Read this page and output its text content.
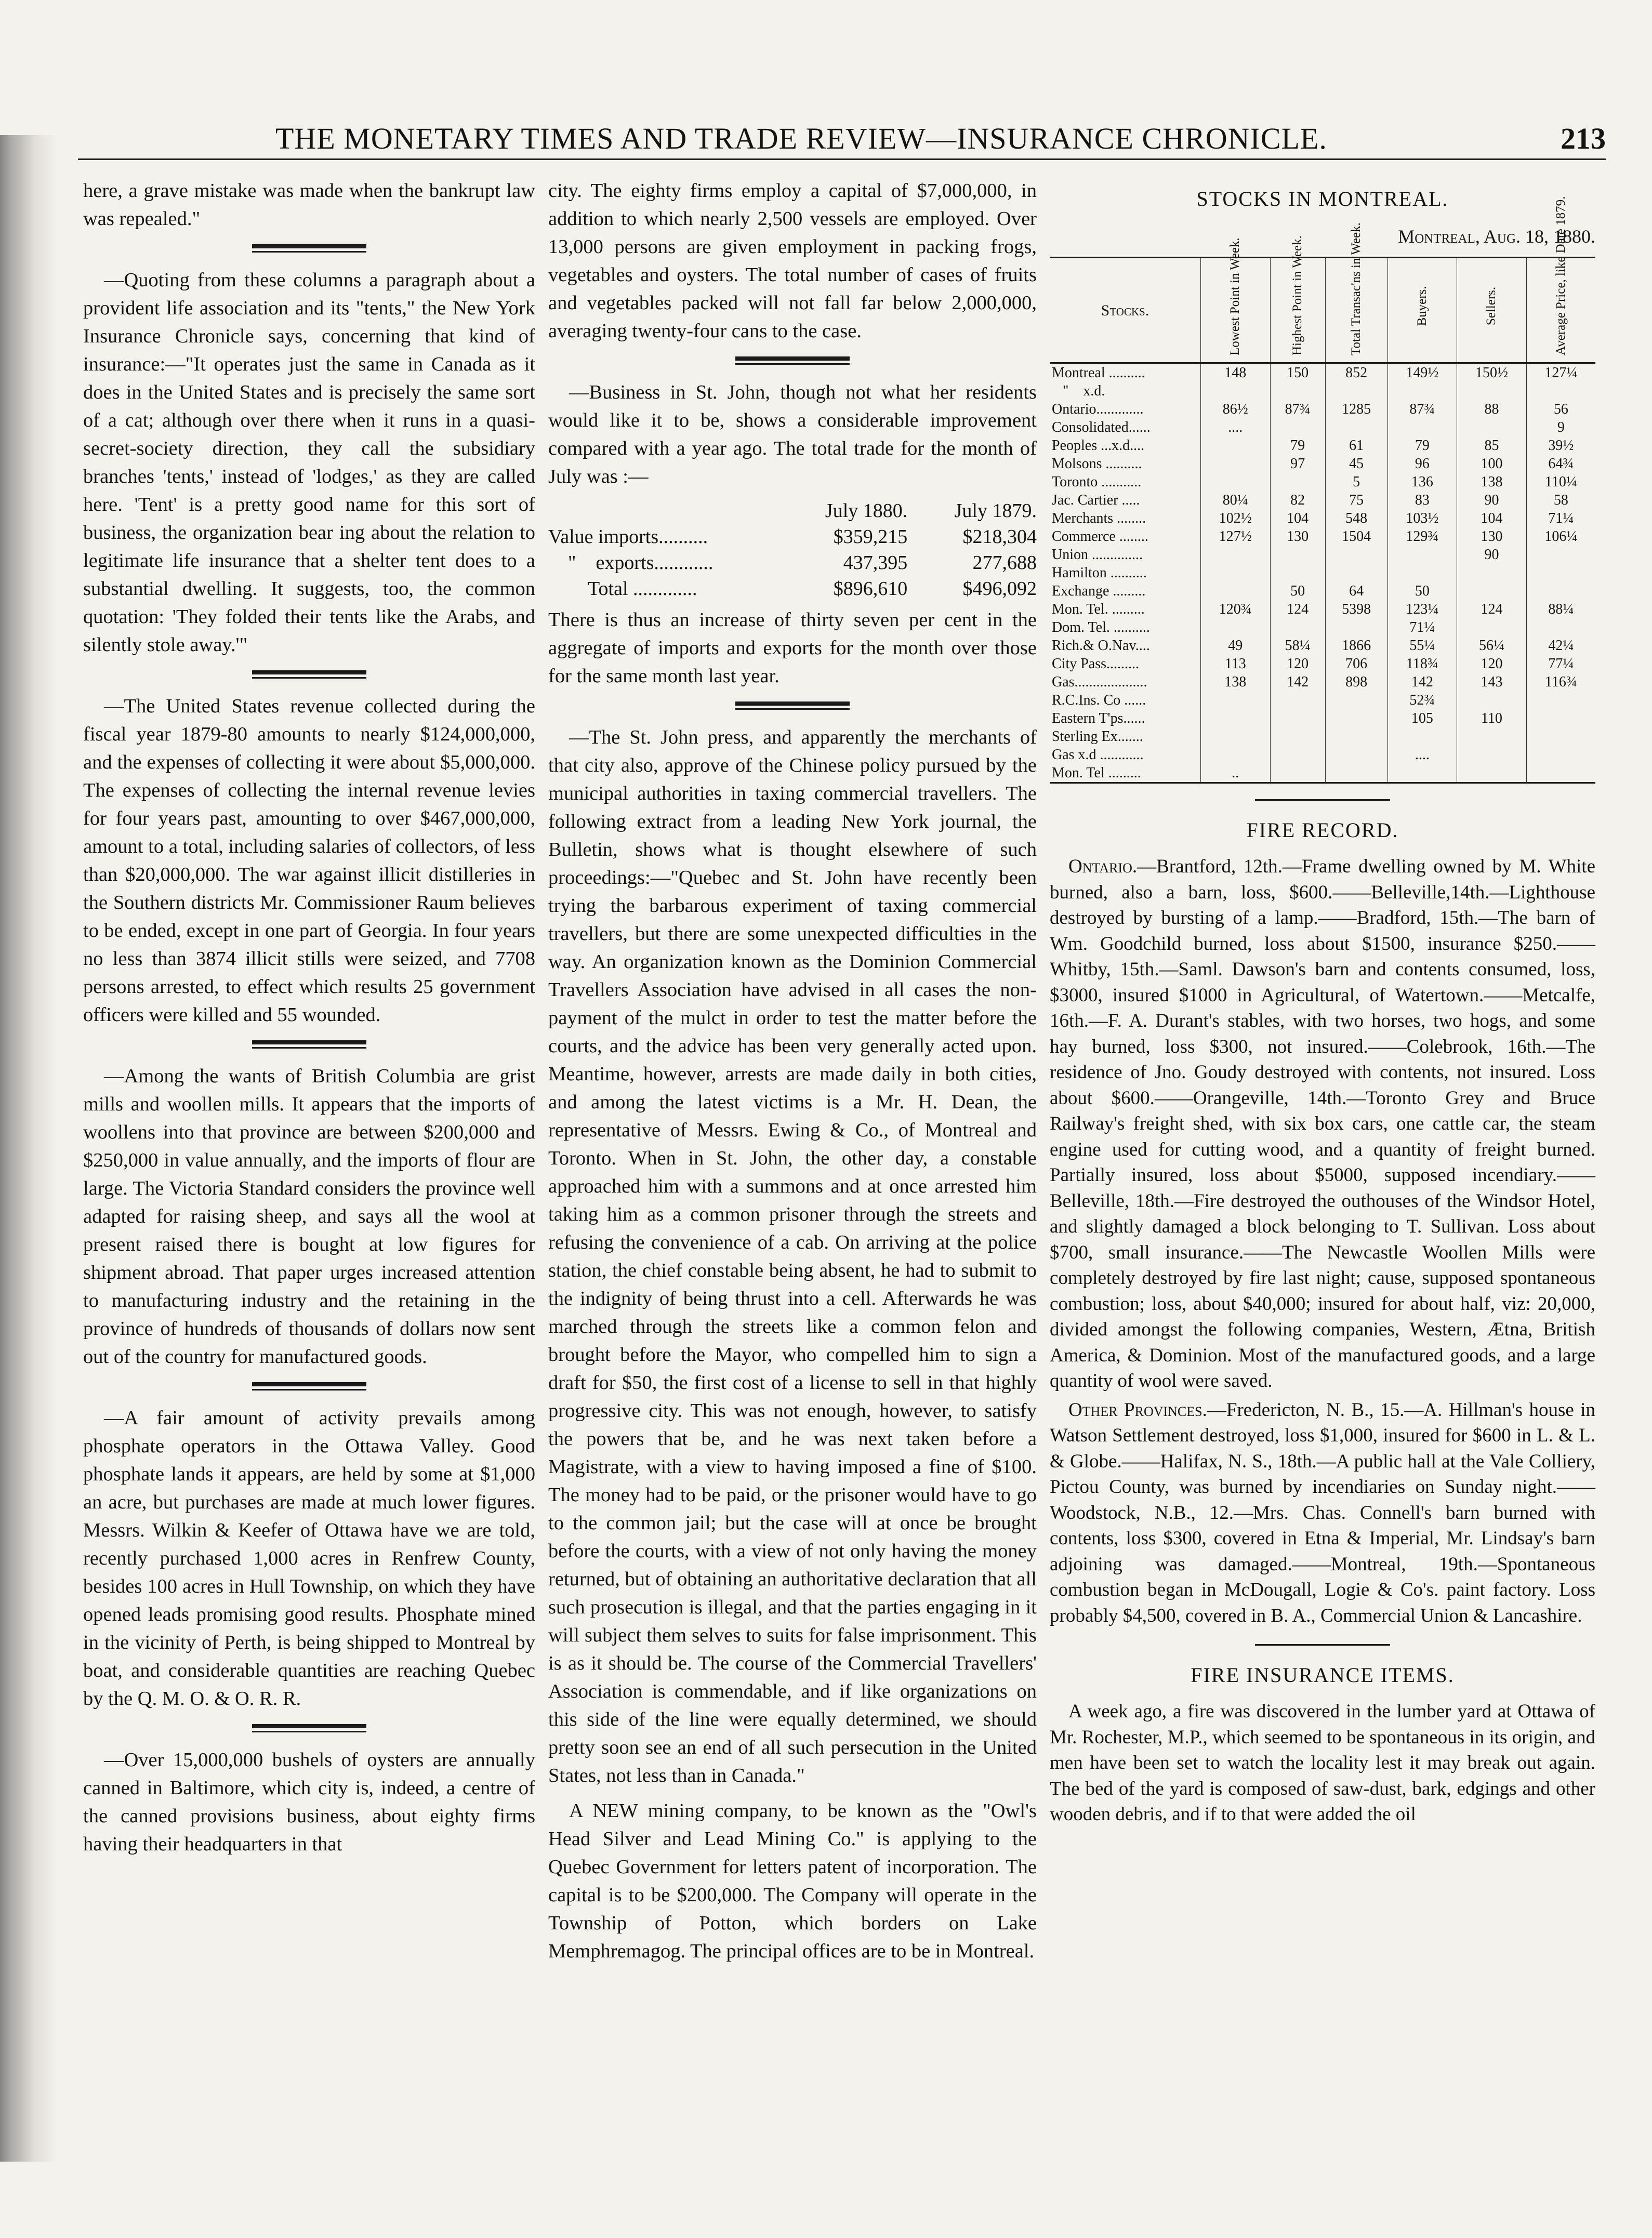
THE MONETARY TIMES AND TRADE REVIEW—INSURANCE CHRONICLE.	213

here, a grave mistake was made when the bankrupt law was repealed."

—Quoting from these columns a paragraph about a provident life association and its "tents," the New York Insurance Chronicle says, concerning that kind of insurance:—"It operates just the same in Canada as it does in the United States and is precisely the same sort of a cat; although over there when it runs in a quasi-secret-society direction, they call the subsidiary branches 'tents,' instead of 'lodges,' as they are called here. 'Tent' is a pretty good name for this sort of business, the organization bear ing about the relation to legitimate life insurance that a shelter tent does to a substantial dwelling. It suggests, too, the common quotation: 'They folded their tents like the Arabs, and silently stole away.'"

—The United States revenue collected during the fiscal year 1879-80 amounts to nearly $124,000,000, and the expenses of collecting it were about $5,000,000. The expenses of collecting the internal revenue levies for four years past, amounting to over $467,000,000, amount to a total, including salaries of collectors, of less than $20,000,000. The war against illicit distilleries in the Southern districts Mr. Commissioner Raum believes to be ended, except in one part of Georgia. In four years no less than 3874 illicit stills were seized, and 7708 persons arrested, to effect which results 25 government officers were killed and 55 wounded.

—Among the wants of British Columbia are grist mills and woollen mills. It appears that the imports of woollens into that province are between $200,000 and $250,000 in value annually, and the imports of flour are large. The Victoria Standard considers the province well adapted for raising sheep, and says all the wool at present raised there is bought at low figures for shipment abroad. That paper urges increased attention to manufacturing industry and the retaining in the province of hundreds of thousands of dollars now sent out of the country for manufactured goods.

—A fair amount of activity prevails among phosphate operators in the Ottawa Valley. Good phosphate lands it appears, are held by some at $1,000 an acre, but purchases are made at much lower figures. Messrs. Wilkin & Keefer of Ottawa have we are told, recently purchased 1,000 acres in Renfrew County, besides 100 acres in Hull Township, on which they have opened leads promising good results. Phosphate mined in the vicinity of Perth, is being shipped to Montreal by boat, and considerable quantities are reaching Quebec by the Q. M. O. & O. R. R.

—Over 15,000,000 bushels of oysters are annually canned in Baltimore, which city is, indeed, a centre of the canned provisions business, about eighty firms having their headquarters in that

city. The eighty firms employ a capital of $7,000,000, in addition to which nearly 2,500 vessels are employed. Over 13,000 persons are given employment in packing frogs, vegetables and oysters. The total number of cases of fruits and vegetables packed will not fall far below 2,000,000, averaging twenty-four cans to the case.

—Business in St. John, though not what her residents would like it to be, shows a considerable improvement compared with a year ago. The total trade for the month of July was :—

	July 1880.	July 1879.
Value imports..........	$359,215	$218,304
"    exports............	437,395	277,688
Total .............	$896,610	$496,092

There is thus an increase of thirty seven per cent in the aggregate of imports and exports for the month over those for the same month last year.

—The St. John press, and apparently the merchants of that city also, approve of the Chinese policy pursued by the municipal authorities in taxing commercial travellers. The following extract from a leading New York journal, the Bulletin, shows what is thought elsewhere of such proceedings:—"Quebec and St. John have recently been trying the barbarous experiment of taxing commercial travellers, but there are some unexpected difficulties in the way. An organization known as the Dominion Commercial Travellers Association have advised in all cases the non-payment of the mulct in order to test the matter before the courts, and the advice has been very generally acted upon. Meantime, however, arrests are made daily in both cities, and among the latest victims is a Mr. H. Dean, the representative of Messrs. Ewing & Co., of Montreal and Toronto. When in St. John, the other day, a constable approached him with a summons and at once arrested him taking him as a common prisoner through the streets and refusing the convenience of a cab. On arriving at the police station, the chief constable being absent, he had to submit to the indignity of being thrust into a cell. Afterwards he was marched through the streets like a common felon and brought before the Mayor, who compelled him to sign a draft for $50, the first cost of a license to sell in that highly progressive city. This was not enough, however, to satisfy the powers that be, and he was next taken before a Magistrate, with a view to having imposed a fine of $100. The money had to be paid, or the prisoner would have to go to the common jail; but the case will at once be brought before the courts, with a view of not only having the money returned, but of obtaining an authoritative declaration that all such prosecution is illegal, and that the parties engaging in it will subject them selves to suits for false imprisonment. This is as it should be. The course of the Commercial Travellers' Association is commendable, and if like organizations on this side of the line were equally determined, we should pretty soon see an end of all such persecution in the United States, not less than in Canada."

A NEW mining company, to be known as the "Owl's Head Silver and Lead Mining Co." is applying to the Quebec Government for letters patent of incorporation. The capital is to be $200,000. The Company will operate in the Township of Potton, which borders on Lake Memphremagog. The principal offices are to be in Montreal.

STOCKS IN MONTREAL.
Montreal, Aug. 18, 1880.
Stocks.	Lowest Point in Week.	Highest Point in Week.	Total Transac'ns in Week.	Buyers.	Sellers.	Average Price, like Date 1879.

Montreal ..........	148	150	852	149½	150½	127¼
"    x.d.						
Ontario.............	86½	87¾	1285	87¾	88	56
Consolidated......	....					9
Peoples ...x.d....		79	61	79	85	39½
Molsons ..........		97	45	96	100	64¾
Toronto ...........			5	136	138	110¼
Jac. Cartier .....	80¼	82	75	83	90	58
Merchants ........	102½	104	548	103½	104	71¼
Commerce ........	127½	130	1504	129¾	130	106¼
Union ..............					90	
Hamilton ..........						
Exchange .........		50	64	50		
Mon. Tel. .........	120¾	124	5398	123¼	124	88¼
Dom. Tel. ..........				71¼		
Rich.& O.Nav....	49	58¼	1866	55¼	56¼	42¼
City Pass.........	113	120	706	118¾	120	77¼
Gas....................	138	142	898	142	143	116¾
R.C.Ins. Co ......				52¾		
Eastern T'ps......				105	110	
Sterling Ex.......						
Gas x.d ............				....		
Mon. Tel .........	..					
FIRE RECORD.

Ontario.—Brantford, 12th.—Frame dwelling owned by M. White burned, also a barn, loss, $600.——Belleville,14th.—Lighthouse destroyed by bursting of a lamp.——Bradford, 15th.—The barn of Wm. Goodchild burned, loss about $1500, insurance $250.——Whitby, 15th.—Saml. Dawson's barn and contents consumed, loss, $3000, insured $1000 in Agricultural, of Watertown.——Metcalfe, 16th.—F. A. Durant's stables, with two horses, two hogs, and some hay burned, loss $300, not insured.——Colebrook, 16th.—The residence of Jno. Goudy destroyed with contents, not insured. Loss about $600.——Orangeville, 14th.—Toronto Grey and Bruce Railway's freight shed, with six box cars, one cattle car, the steam engine used for cutting wood, and a quantity of freight burned. Partially insured, loss about $5000, supposed incendiary.——Belleville, 18th.—Fire destroyed the outhouses of the Windsor Hotel, and slightly damaged a block belonging to T. Sullivan. Loss about $700, small insurance.——The Newcastle Woollen Mills were completely destroyed by fire last night; cause, supposed spontaneous combustion; loss, about $40,000; insured for about half, viz: 20,000, divided amongst the following companies, Western, Ætna, British America, & Dominion. Most of the manufactured goods, and a large quantity of wool were saved.

Other Provinces.—Fredericton, N. B., 15.—A. Hillman's house in Watson Settlement destroyed, loss $1,000, insured for $600 in L. & L. & Globe.——Halifax, N. S., 18th.—A public hall at the Vale Colliery, Pictou County, was burned by incendiaries on Sunday night.——Woodstock, N.B., 12.—Mrs. Chas. Connell's barn burned with contents, loss $300, covered in Etna & Imperial, Mr. Lindsay's barn adjoining was damaged.——Montreal, 19th.—Spontaneous combustion began in McDougall, Logie & Co's. paint factory. Loss probably $4,500, covered in B. A., Commercial Union & Lancashire.

FIRE INSURANCE ITEMS.

A week ago, a fire was discovered in the lumber yard at Ottawa of Mr. Rochester, M.P., which seemed to be spontaneous in its origin, and men have been set to watch the locality lest it may break out again. The bed of the yard is composed of saw-dust, bark, edgings and other wooden debris, and if to that were added the oil
